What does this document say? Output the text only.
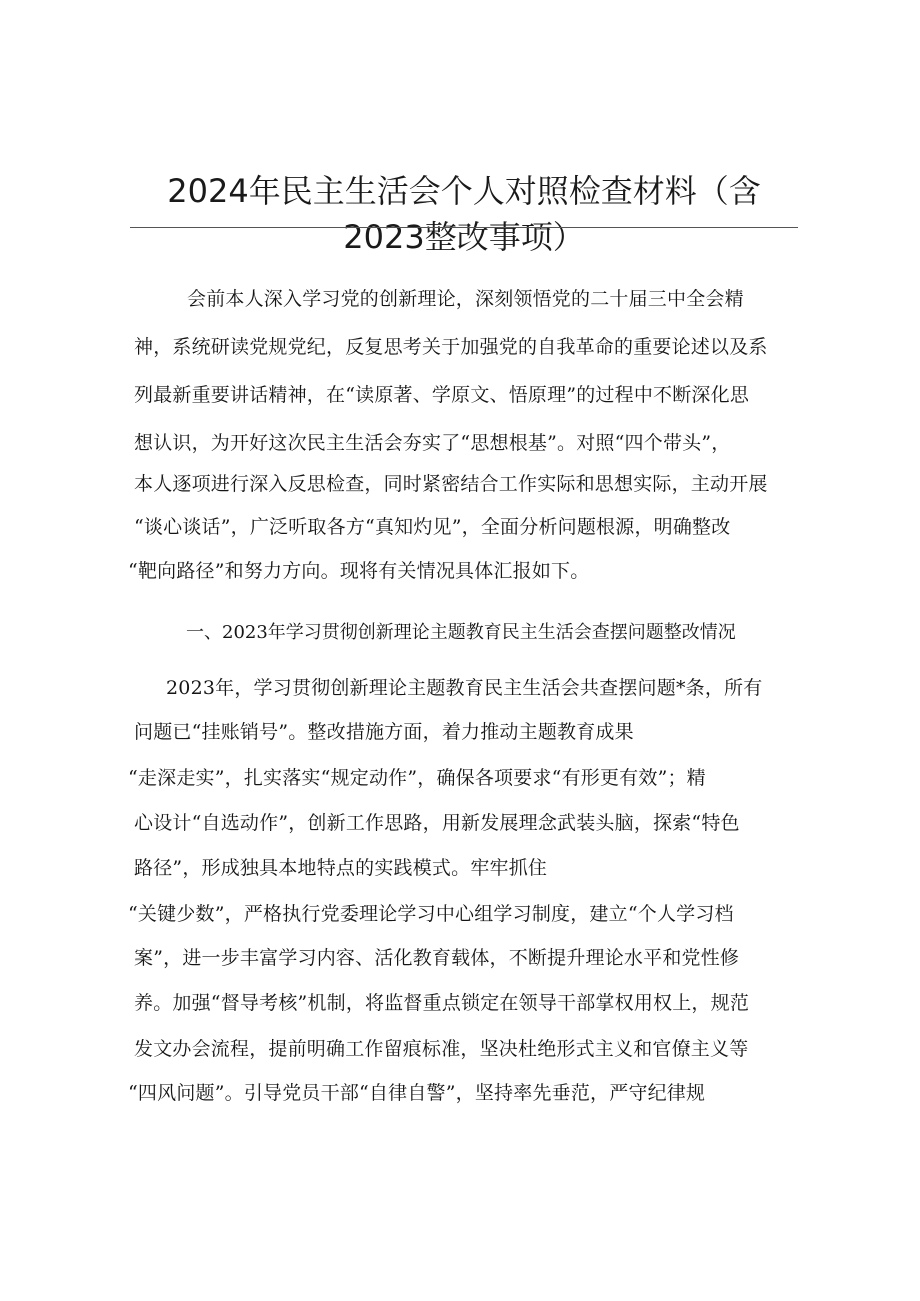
2024年民主生活会个人对照检查材料（含
2023整改事项）
会前本人深入学习党的创新理论，深刻领悟党的二十届三中全会精
神，系统研读党规党纪，反复思考关于加强党的自我革命的重要论述以及系
列最新重要讲话精神，在“读原著、学原文、悟原理”的过程中不断深化思
想认识，为开好这次民主生活会夯实了“思想根基”。对照“四个带头”，
本人逐项进行深入反思检查，同时紧密结合工作实际和思想实际，主动开展
“谈心谈话”，广泛听取各方“真知灼见”，全面分析问题根源，明确整改
“靶向路径”和努力方向。现将有关情况具体汇报如下。
一、2023年学习贯彻创新理论主题教育民主生活会查摆问题整改情况
2023年，学习贯彻创新理论主题教育民主生活会共查摆问题*条，所有
问题已“挂账销号”。整改措施方面，着力推动主题教育成果
“走深走实”，扎实落实“规定动作”，确保各项要求“有形更有效”；精
心设计“自选动作”，创新工作思路，用新发展理念武装头脑，探索“特色
路径”，形成独具本地特点的实践模式。牢牢抓住
“关键少数”，严格执行党委理论学习中心组学习制度，建立“个人学习档
案”，进一步丰富学习内容、活化教育载体，不断提升理论水平和党性修
养。加强“督导考核”机制，将监督重点锁定在领导干部掌权用权上，规范
发文办会流程，提前明确工作留痕标准，坚决杜绝形式主义和官僚主义等
“四风问题”。引导党员干部“自律自警”，坚持率先垂范，严守纪律规
